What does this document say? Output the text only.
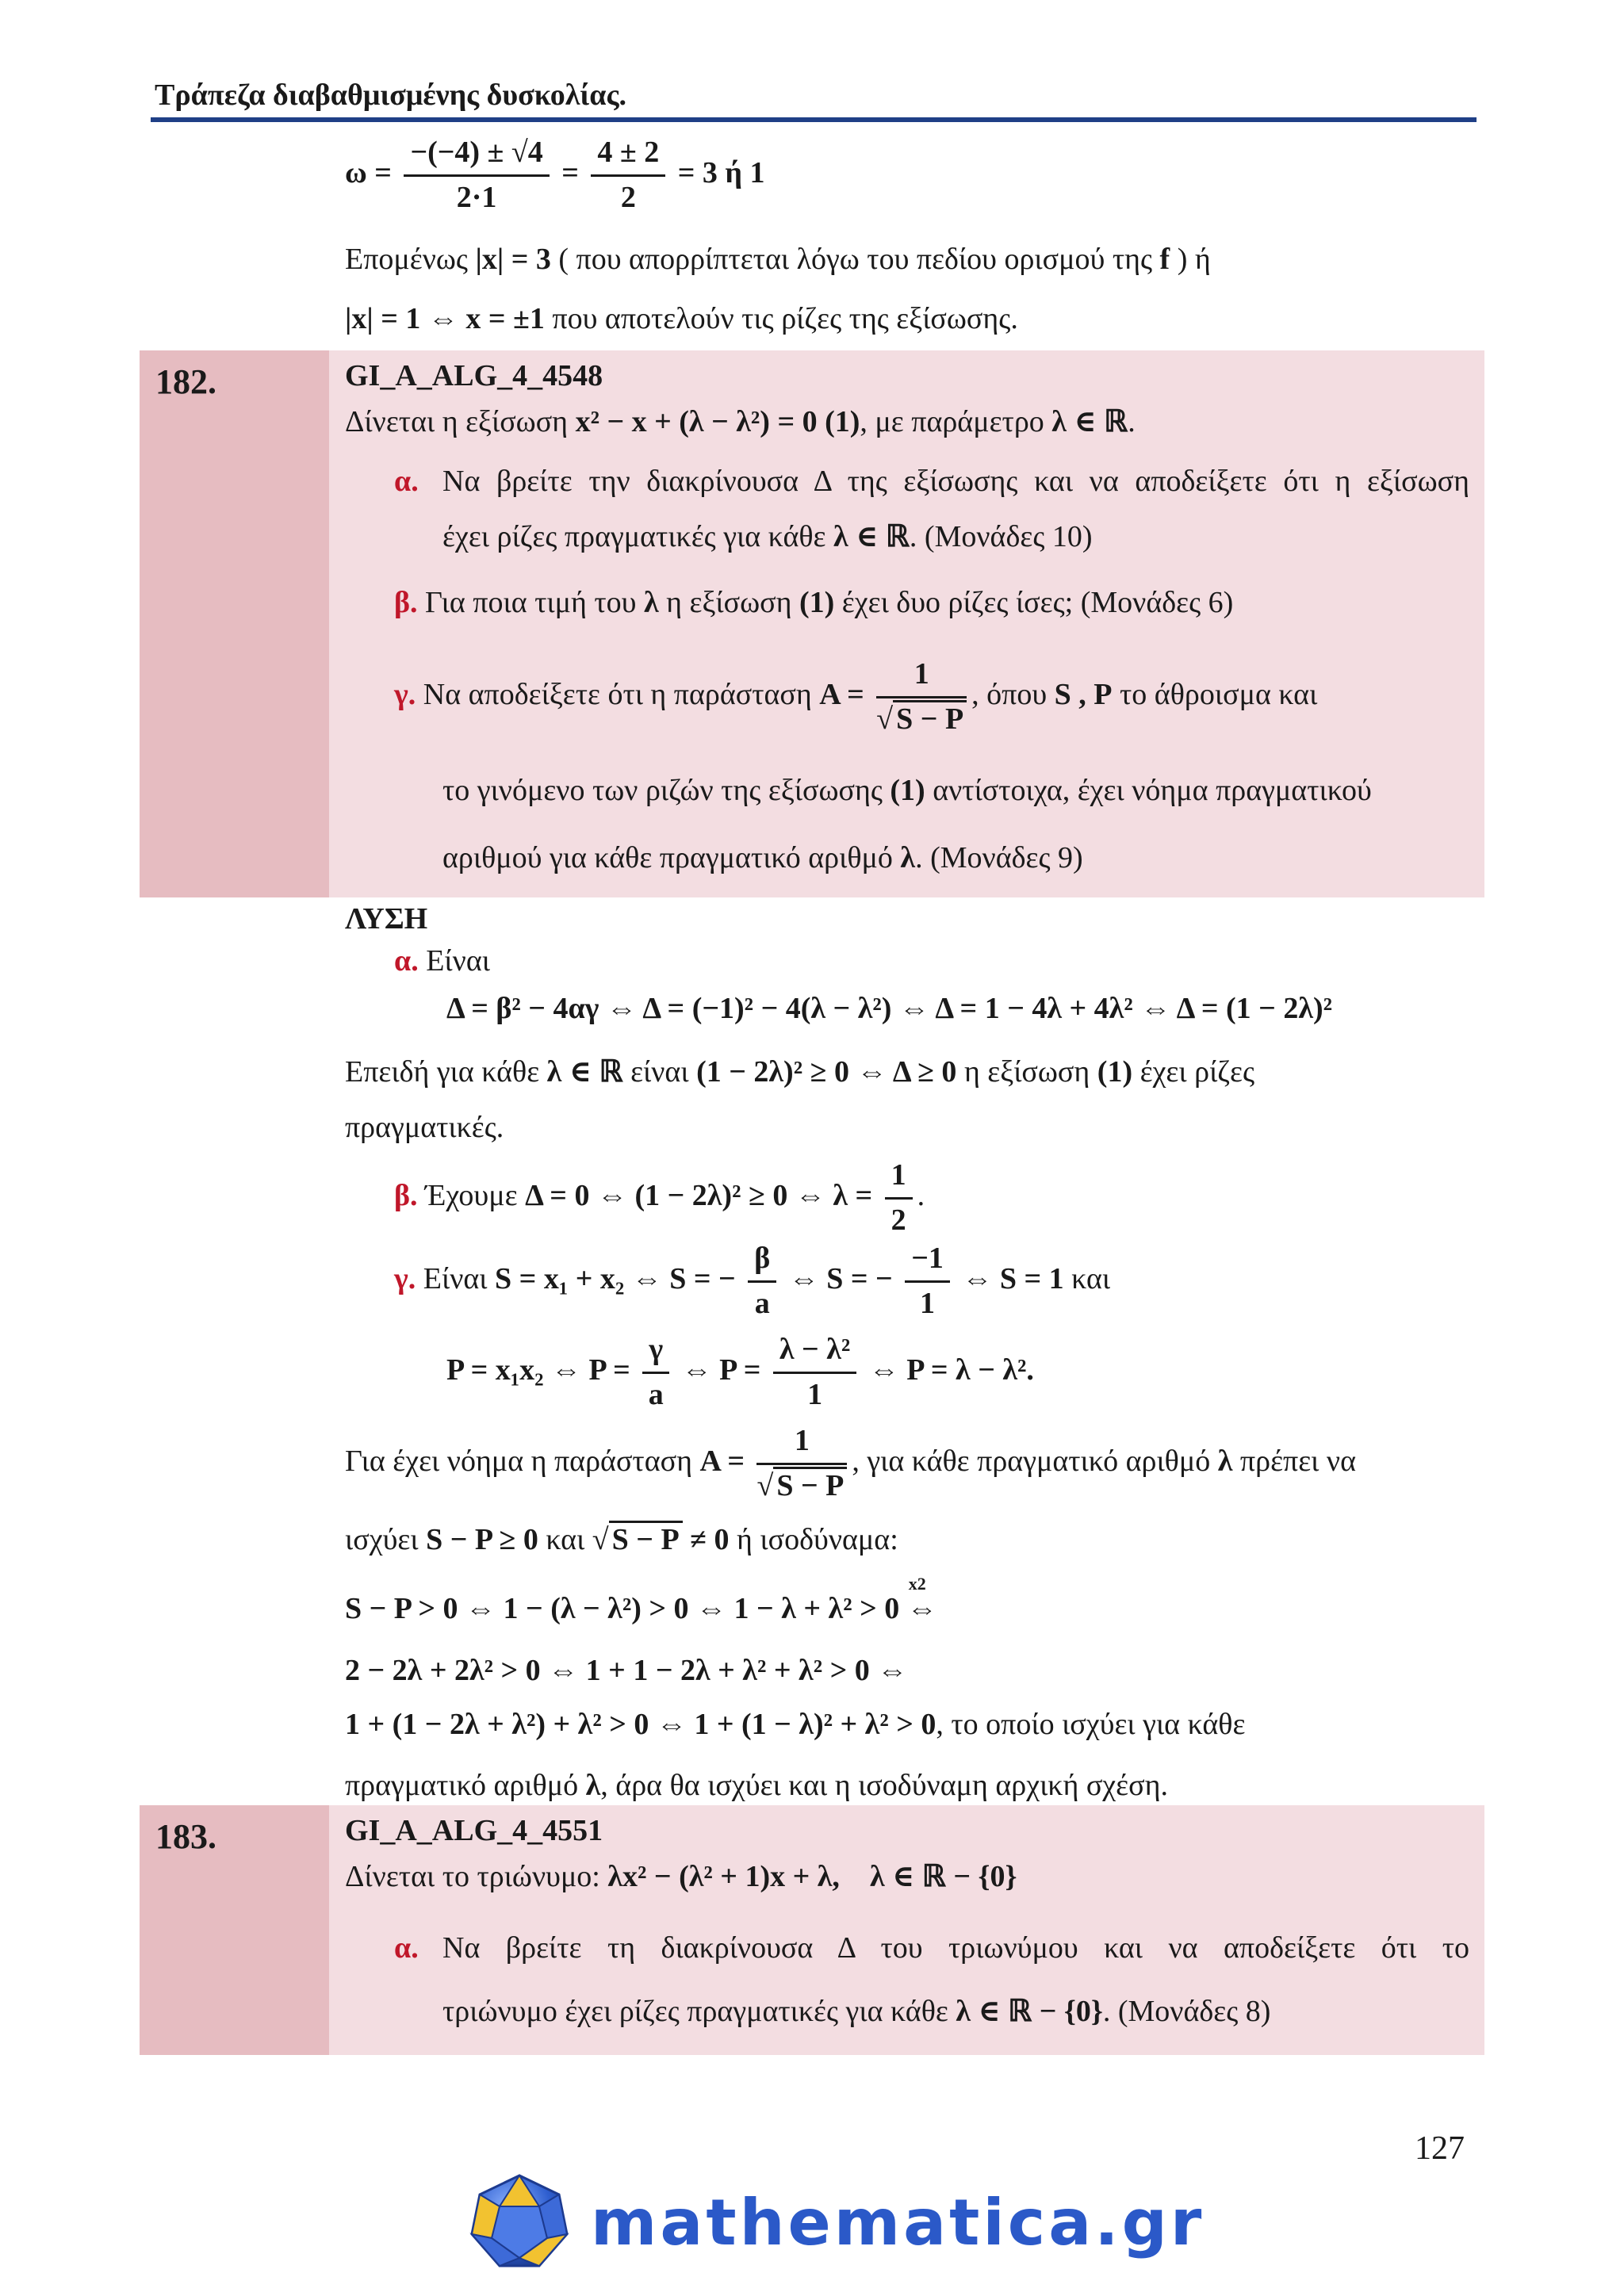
Τράπεζα διαβαθμισμένης δυσκολίας.
$\omega = \frac{-(-4) \pm √4}{2\cdot 1} = \frac{4 \pm 2}{2} = 3$ ή 1
Επομένως |x| = 3 ( που απορρίπτεται λόγω του πεδίου ορισμού της f ) ή
|x| = 1 ⇔ x = ±1 που αποτελούν τις ρίζες της εξίσωσης.
182.	GI_A_ALG_4_4548
Δίνεται η εξίσωση x² − x + (λ − λ²) = 0 (1), με παράμετρο λ ∈ ℝ.
α. Να βρείτε την διακρίνουσα Δ της εξίσωσης και να αποδείξετε ότι η εξίσωση
έχει ρίζες πραγματικές για κάθε λ ∈ ℝ. (Μονάδες 10)
β. Για ποια τιμή του λ η εξίσωση (1) έχει δυο ρίζες ίσες; (Μονάδες 6)
γ. Να αποδείξετε ότι η παράσταση $A = \frac{1}{√ S - P}$ , όπου S , P το άθροισμα και
το γινόμενο των ριζών της εξίσωσης (1) αντίστοιχα, έχει νόημα πραγματικού
αριθμού για κάθε πραγματικό αριθμό λ. (Μονάδες 9)
ΛΥΣΗ
α. Είναι
Δ = β² − 4αγ ⇔ Δ = (−1)² − 4(λ − λ²) ⇔ Δ = 1 − 4λ + 4λ² ⇔ Δ = (1 − 2λ)²
Επειδή για κάθε λ ∈ ℝ είναι (1 − 2λ)² ≥ 0 ⇔ Δ ≥ 0 η εξίσωση (1) έχει ρίζες
πραγματικές.
β. Έχουμε Δ = 0 ⇔ (1 − 2λ)² ≥ 0 ⇔ $\lambda = \frac{1}{2}$ .
γ. Είναι S = x₁ + x₂ ⇔ S = − $\frac{\beta}{a}$ ⇔ S = − $\frac{-1}{1}$ ⇔ S = 1 και
P = x₁x₂ ⇔ $P = \frac{\gamma}{a}$ ⇔ $P = \frac{\text{λ − λ²}}{1}$ ⇔ P = λ − λ².
Για έχει νόημα η παράσταση $A = \frac{1}{√ S - P}$ , για κάθε πραγματικό αριθμό λ πρέπει να
ισχύει S − P ≥ 0 και √ S − P ≠ 0 ή ισοδύναμα:
S − P > 0 ⇔ 1 − (λ − λ²) > 0 ⇔ 1 − λ + λ² > 0
x2
⇔
2 − 2λ + 2λ² > 0 ⇔ 1 + 1 − 2λ + λ² + λ² > 0 ⇔
1 + (1 − 2λ + λ²) + λ² > 0 ⇔ 1 + (1 − λ)² + λ² > 0, το οποίο ισχύει για κάθε
πραγματικό αριθμό λ, άρα θα ισχύει και η ισοδύναμη αρχική σχέση.
183.	GI_A_ALG_4_4551
Δίνεται το τριώνυμο: λx² − (λ² + 1)x + λ, λ ∈ ℝ − {0}
α. Να βρείτε τη διακρίνουσα Δ του τριωνύμου και να αποδείξετε ότι το
τριώνυμο έχει ρίζες πραγματικές για κάθε λ ∈ ℝ − {0}. (Μονάδες 8)
127
mathematica.gr
